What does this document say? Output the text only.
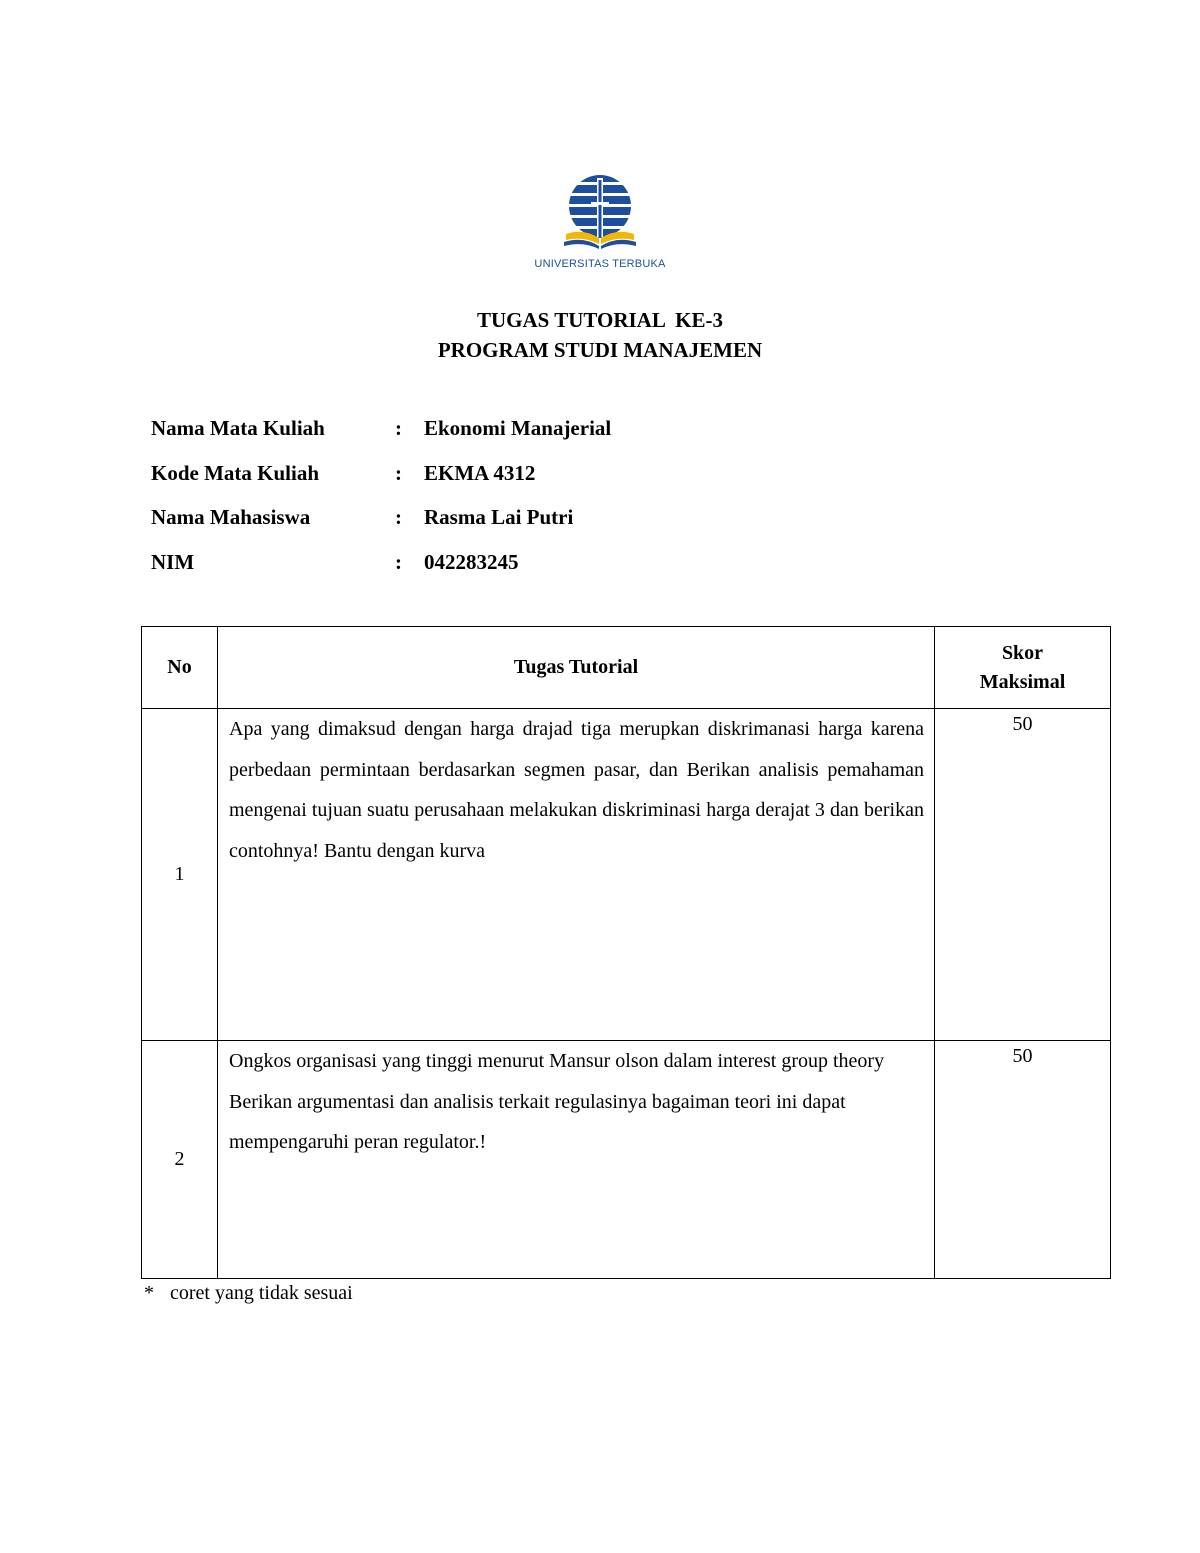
UNIVERSITAS TERBUKA
TUGAS TUTORIAL  KE-3
PROGRAM STUDI MANAJEMEN
Nama Mata Kuliah	: Ekonomi Manajerial
Kode Mata Kuliah	: EKMA 4312
Nama Mahasiswa	: Rasma Lai Putri
NIM	: 042283245
No	Tugas Tutorial	Skor
Maksimal

1	Apa yang dimaksud dengan harga drajad tiga merupkan diskrimanasi harga karena perbedaan permintaan berdasarkan segmen pasar, dan Berikan analisis pemahaman mengenai tujuan suatu perusahaan melakukan diskriminasi harga derajat 3 dan berikan contohnya! Bantu dengan kurva	50
2	Ongkos organisasi yang tinggi menurut Mansur olson dalam interest group theory Berikan argumentasi dan analisis terkait regulasinya bagaiman teori ini dapat mempengaruhi peran regulator.!	50
* coret yang tidak sesuai
